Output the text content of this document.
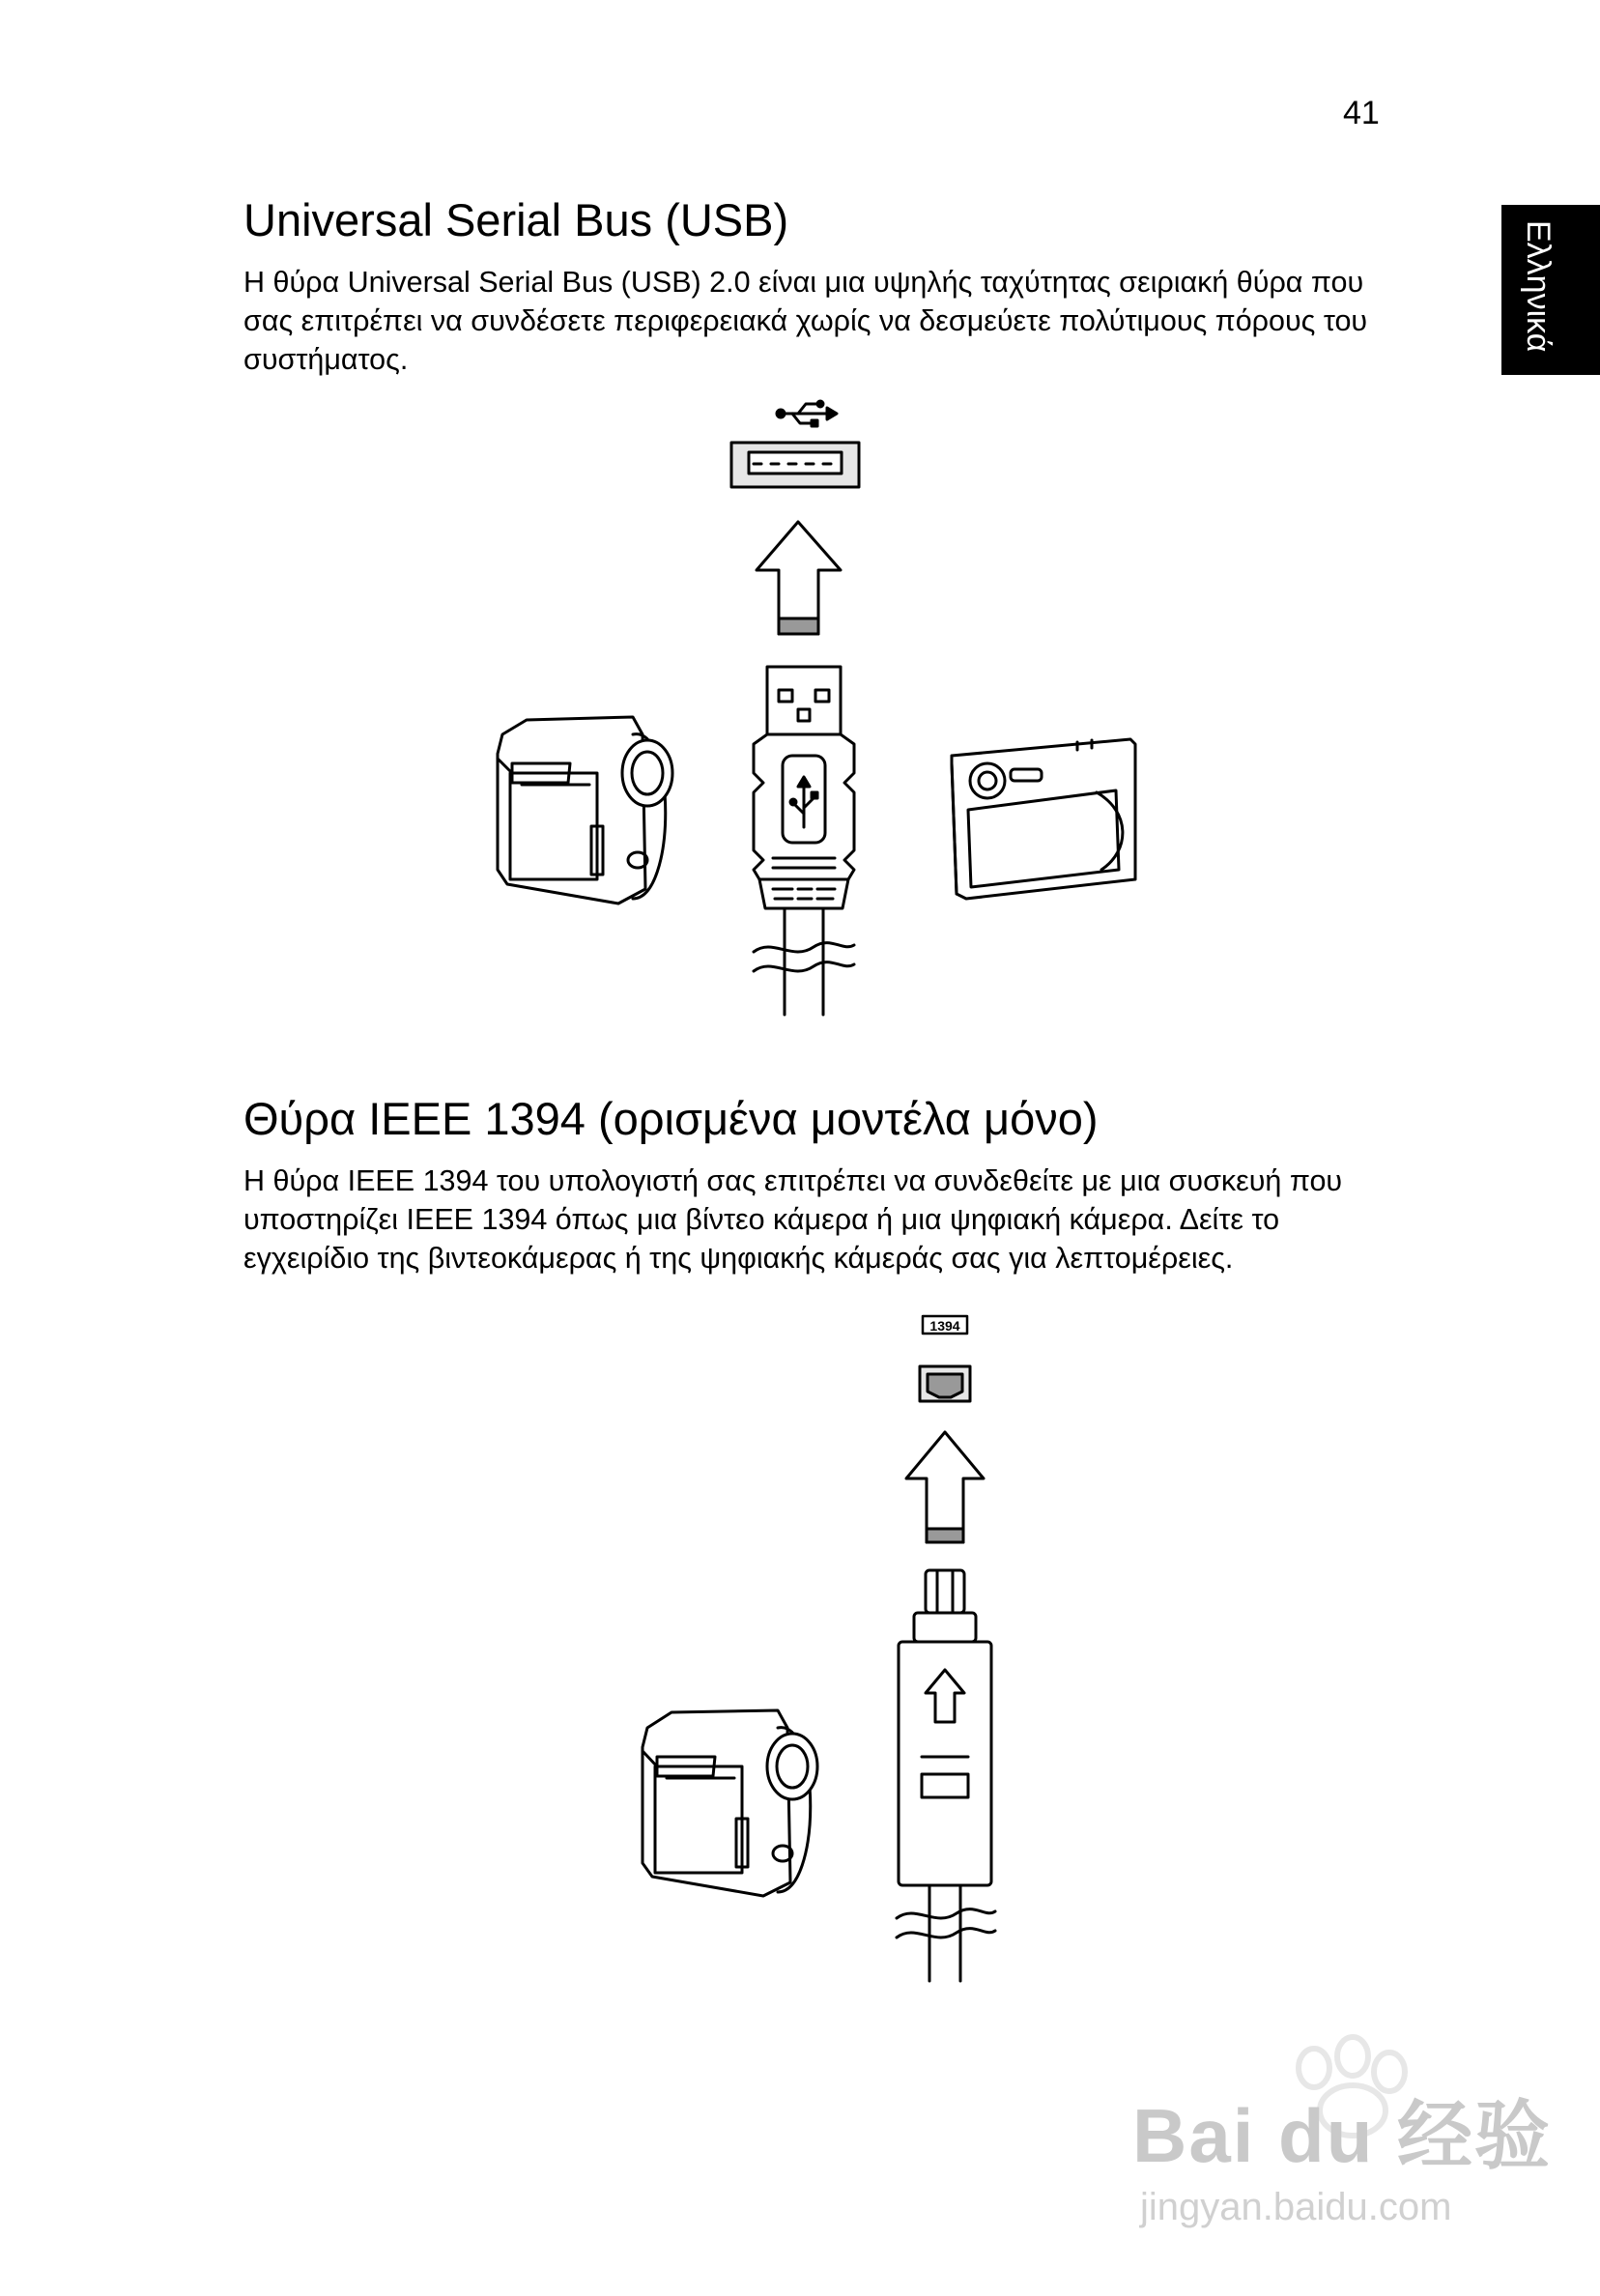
41
Ελληνικά
Universal Serial Bus (USB)

Η θύρα Universal Serial Bus (USB) 2.0 είναι μια υψηλής ταχύτητας σειριακή θύρα που σας επιτρέπει να συνδέσετε περιφερειακά χωρίς να δεσμεύετε πολύτιμους πόρους του συστήματος.

Θύρα IEEE 1394 (ορισμένα μοντέλα μόνο)

Η θύρα IEEE 1394 του υπολογιστή σας επιτρέπει να συνδεθείτε με μια συσκευή που υποστηρίζει IEEE 1394 όπως μια βίντεο κάμερα ή μια ψηφιακή κάμερα. Δείτε το εγχειρίδιο της βιντεοκάμερας ή της ψηφιακής κάμεράς σας για λεπτομέρειες.

1394
Bai du 经验
jingyan.baidu.com
